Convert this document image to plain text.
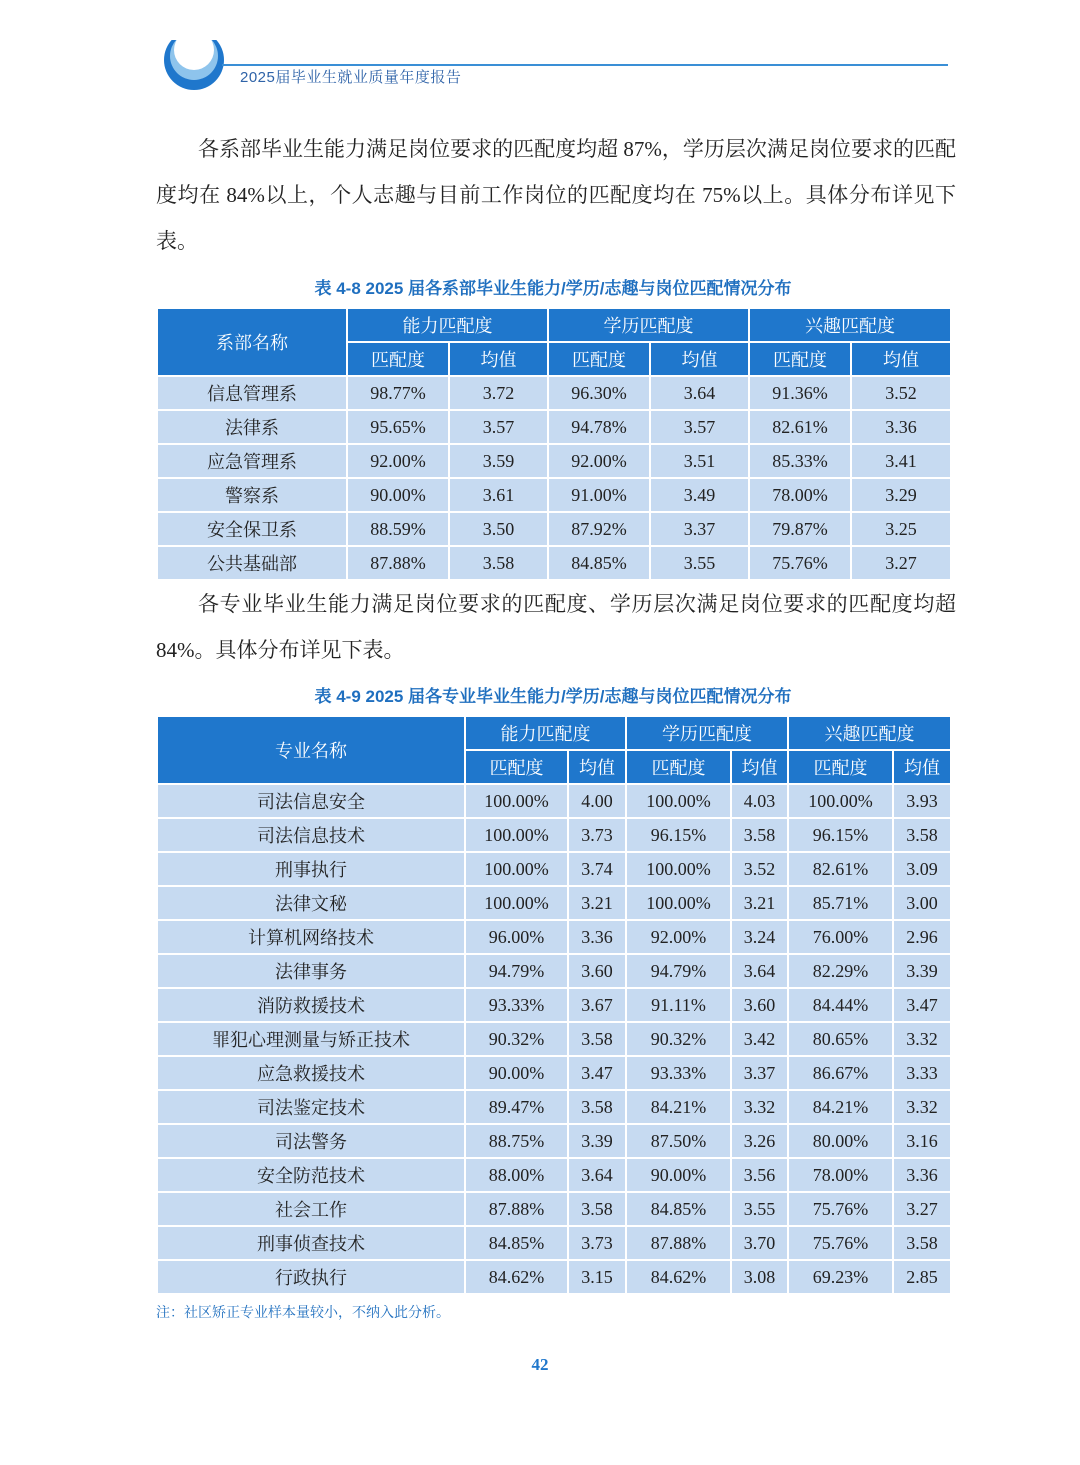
2025届毕业生就业质量年度报告
各系部毕业生能力满足岗位要求的匹配度均超 87%，学历层次满足岗位要求的匹配度均在 84%以上，个人志趣与目前工作岗位的匹配度均在 75%以上。具体分布详见下表。
表 4-8 2025 届各系部毕业生能力/学历/志趣与岗位匹配情况分布
系部名称	能力匹配度		学历匹配度		兴趣匹配度	
	匹配度	均值	匹配度	均值	匹配度	均值
信息管理系	98.77%	3.72	96.30%	3.64	91.36%	3.52
法律系	95.65%	3.57	94.78%	3.57	82.61%	3.36
应急管理系	92.00%	3.59	92.00%	3.51	85.33%	3.41
警察系	90.00%	3.61	91.00%	3.49	78.00%	3.29
安全保卫系	88.59%	3.50	87.92%	3.37	79.87%	3.25
公共基础部	87.88%	3.58	84.85%	3.55	75.76%	3.27
各专业毕业生能力满足岗位要求的匹配度、学历层次满足岗位要求的匹配度均超 84%。具体分布详见下表。
表 4-9 2025 届各专业毕业生能力/学历/志趣与岗位匹配情况分布
专业名称	能力匹配度		学历匹配度		兴趣匹配度	
	匹配度	均值	匹配度	均值	匹配度	均值
司法信息安全	100.00%	4.00	100.00%	4.03	100.00%	3.93
司法信息技术	100.00%	3.73	96.15%	3.58	96.15%	3.58
刑事执行	100.00%	3.74	100.00%	3.52	82.61%	3.09
法律文秘	100.00%	3.21	100.00%	3.21	85.71%	3.00
计算机网络技术	96.00%	3.36	92.00%	3.24	76.00%	2.96
法律事务	94.79%	3.60	94.79%	3.64	82.29%	3.39
消防救援技术	93.33%	3.67	91.11%	3.60	84.44%	3.47
罪犯心理测量与矫正技术	90.32%	3.58	90.32%	3.42	80.65%	3.32
应急救援技术	90.00%	3.47	93.33%	3.37	86.67%	3.33
司法鉴定技术	89.47%	3.58	84.21%	3.32	84.21%	3.32
司法警务	88.75%	3.39	87.50%	3.26	80.00%	3.16
安全防范技术	88.00%	3.64	90.00%	3.56	78.00%	3.36
社会工作	87.88%	3.58	84.85%	3.55	75.76%	3.27
刑事侦查技术	84.85%	3.73	87.88%	3.70	75.76%	3.58
行政执行	84.62%	3.15	84.62%	3.08	69.23%	2.85
注：社区矫正专业样本量较小，不纳入此分析。
42
